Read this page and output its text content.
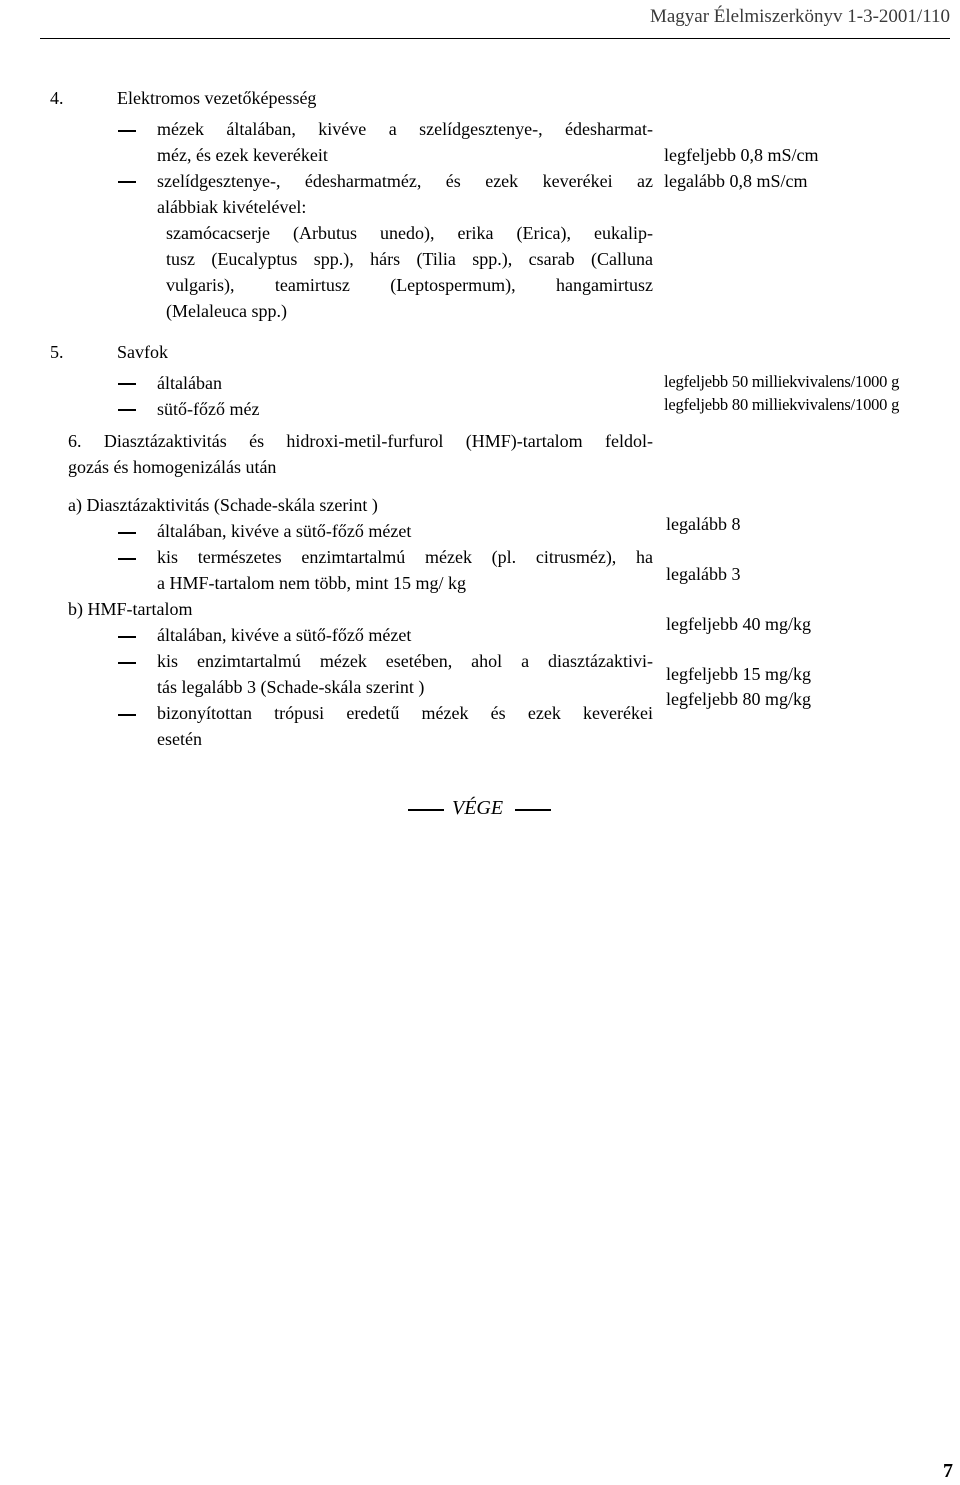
Magyar Élelmiszerkönyv 1-3-2001/110
4.	Elektromos vezetőképesség
mézek általában, kivéve a szelídgesztenye-, édesharmat-
méz, és ezek keverékeit
szelídgesztenye-, édesharmatméz, és ezek keverékei az
alábbiak kivételével:
szamócacserje (Arbutus unedo), erika (Erica), eukalip-
tusz (Eucalyptus spp.), hárs (Tilia spp.), csarab (Calluna
vulgaris), teamirtusz (Leptospermum), hangamirtusz
(Melaleuca spp.)
legfeljebb 0,8 mS/cm
legalább 0,8 mS/cm
5.	Savfok
általában
sütő-főző méz
legfeljebb 50 milliekvivalens/1000 g
legfeljebb 80 milliekvivalens/1000 g
6. Diasztázaktivitás és hidroxi-metil-furfurol (HMF)-tartalom feldol-
gozás és homogenizálás után
a) Diasztázaktivitás (Schade-skála szerint )
általában, kivéve a sütő-főző mézet
kis természetes enzimtartalmú mézek (pl. citrusméz), ha
a HMF-tartalom nem több, mint 15 mg/ kg
b) HMF-tartalom
általában, kivéve a sütő-főző mézet
kis enzimtartalmú mézek esetében, ahol a diasztázaktivi-
tás legalább 3 (Schade-skála szerint )
bizonyítottan trópusi eredetű mézek és ezek keverékei
esetén
legalább 8
legalább 3
legfeljebb 40 mg/kg
legfeljebb 15 mg/kg
legfeljebb 80 mg/kg
VÉGE
7
